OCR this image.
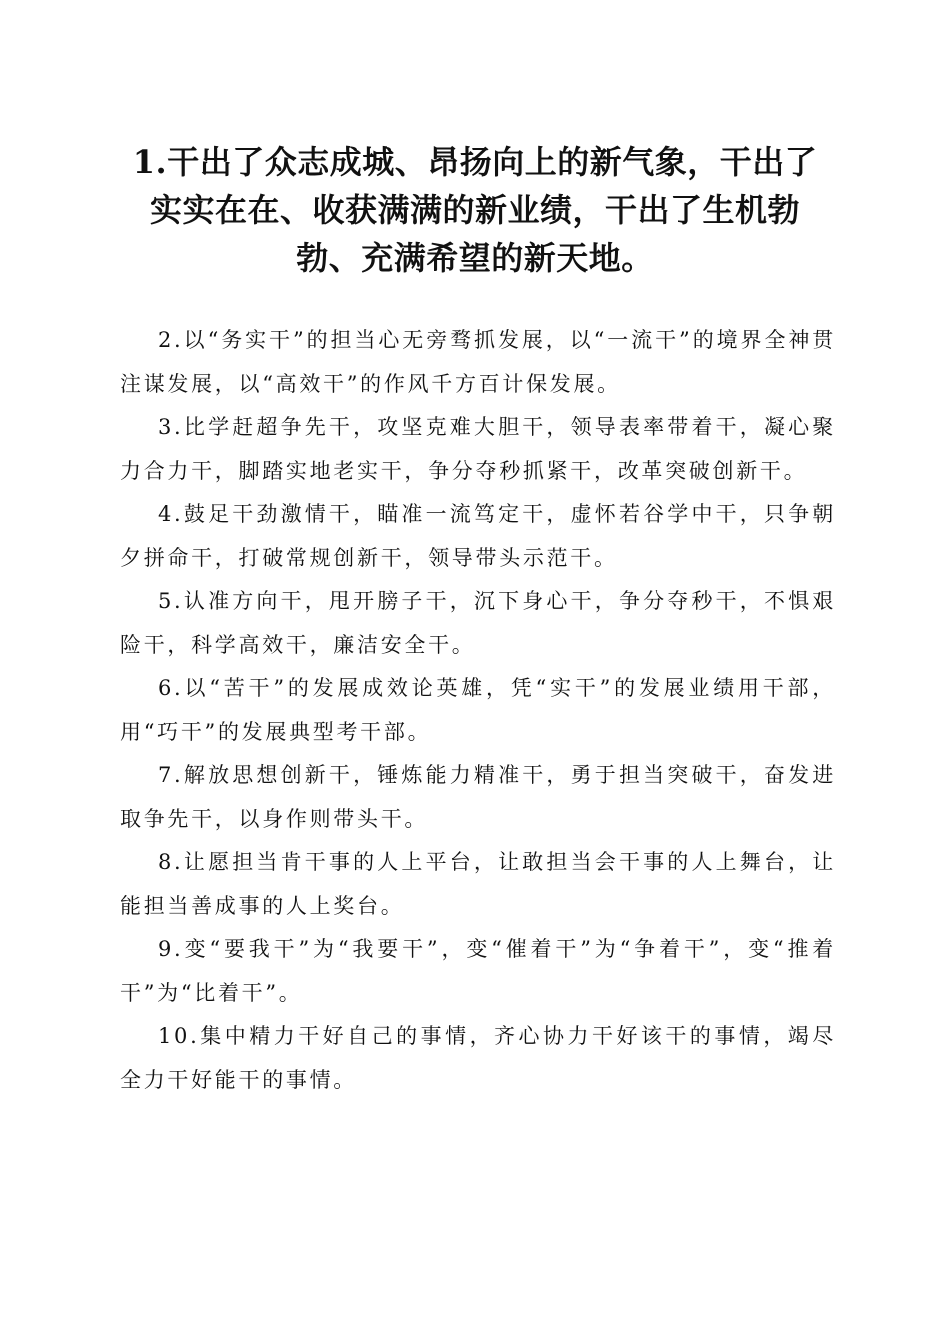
1.干出了众志成城、昂扬向上的新气象，干出了实实在在、收获满满的新业绩，干出了生机勃勃、充满希望的新天地。

2.以“务实干”的担当心无旁骛抓发展，以“一流干”的境界全神贯注谋发展，以“高效干”的作风千方百计保发展。

3.比学赶超争先干，攻坚克难大胆干，领导表率带着干，凝心聚力合力干，脚踏实地老实干，争分夺秒抓紧干，改革突破创新干。

4.鼓足干劲激情干，瞄准一流笃定干，虚怀若谷学中干，只争朝夕拼命干，打破常规创新干，领导带头示范干。

5.认准方向干，甩开膀子干，沉下身心干，争分夺秒干，不惧艰险干，科学高效干，廉洁安全干。

6.以“苦干”的发展成效论英雄，凭“实干”的发展业绩用干部，用“巧干”的发展典型考干部。

7.解放思想创新干，锤炼能力精准干，勇于担当突破干，奋发进取争先干，以身作则带头干。

8.让愿担当肯干事的人上平台，让敢担当会干事的人上舞台，让能担当善成事的人上奖台。

9.变“要我干”为“我要干”，变“催着干”为“争着干”，变“推着干”为“比着干”。

10.集中精力干好自己的事情，齐心协力干好该干的事情，竭尽全力干好能干的事情。
